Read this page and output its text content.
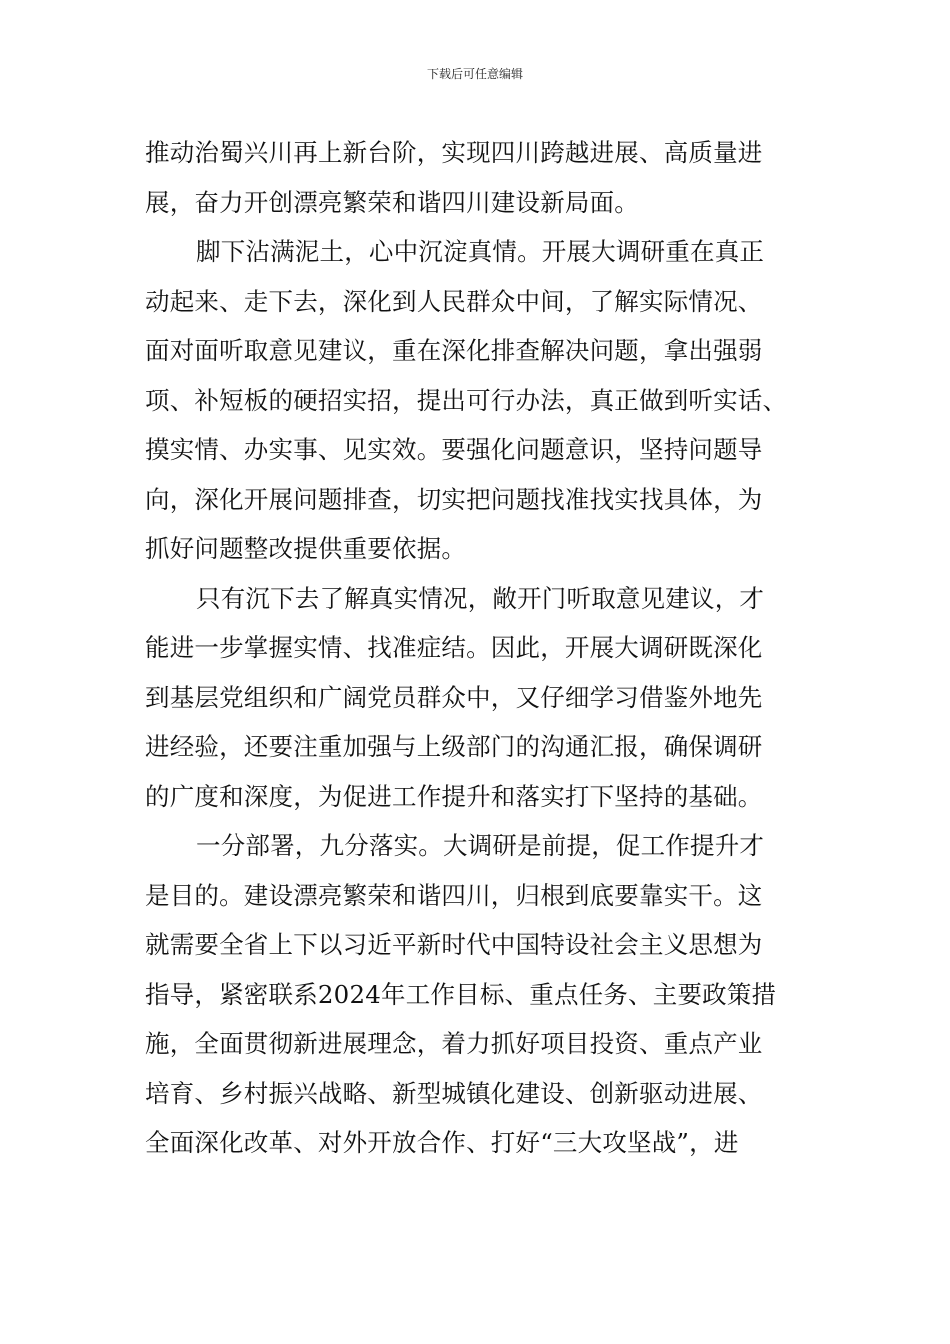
下载后可任意编辑
推动治蜀兴川再上新台阶，实现四川跨越进展、高质量进
展，奋力开创漂亮繁荣和谐四川建设新局面。
脚下沾满泥土，心中沉淀真情。开展大调研重在真正
动起来、走下去，深化到人民群众中间，了解实际情况、
面对面听取意见建议，重在深化排查解决问题，拿出强弱
项、补短板的硬招实招，提出可行办法，真正做到听实话、
摸实情、办实事、见实效。要强化问题意识，坚持问题导
向，深化开展问题排查，切实把问题找准找实找具体，为
抓好问题整改提供重要依据。
只有沉下去了解真实情况，敞开门听取意见建议，才
能进一步掌握实情、找准症结。因此，开展大调研既深化
到基层党组织和广阔党员群众中，又仔细学习借鉴外地先
进经验，还要注重加强与上级部门的沟通汇报，确保调研
的广度和深度，为促进工作提升和落实打下坚持的基础。
一分部署，九分落实。大调研是前提，促工作提升才
是目的。建设漂亮繁荣和谐四川，归根到底要靠实干。这
就需要全省上下以习近平新时代中国特设社会主义思想为
指导，紧密联系2024年工作目标、重点任务、主要政策措
施，全面贯彻新进展理念，着力抓好项目投资、重点产业
培育、乡村振兴战略、新型城镇化建设、创新驱动进展、
全面深化改革、对外开放合作、打好“三大攻坚战”，进
